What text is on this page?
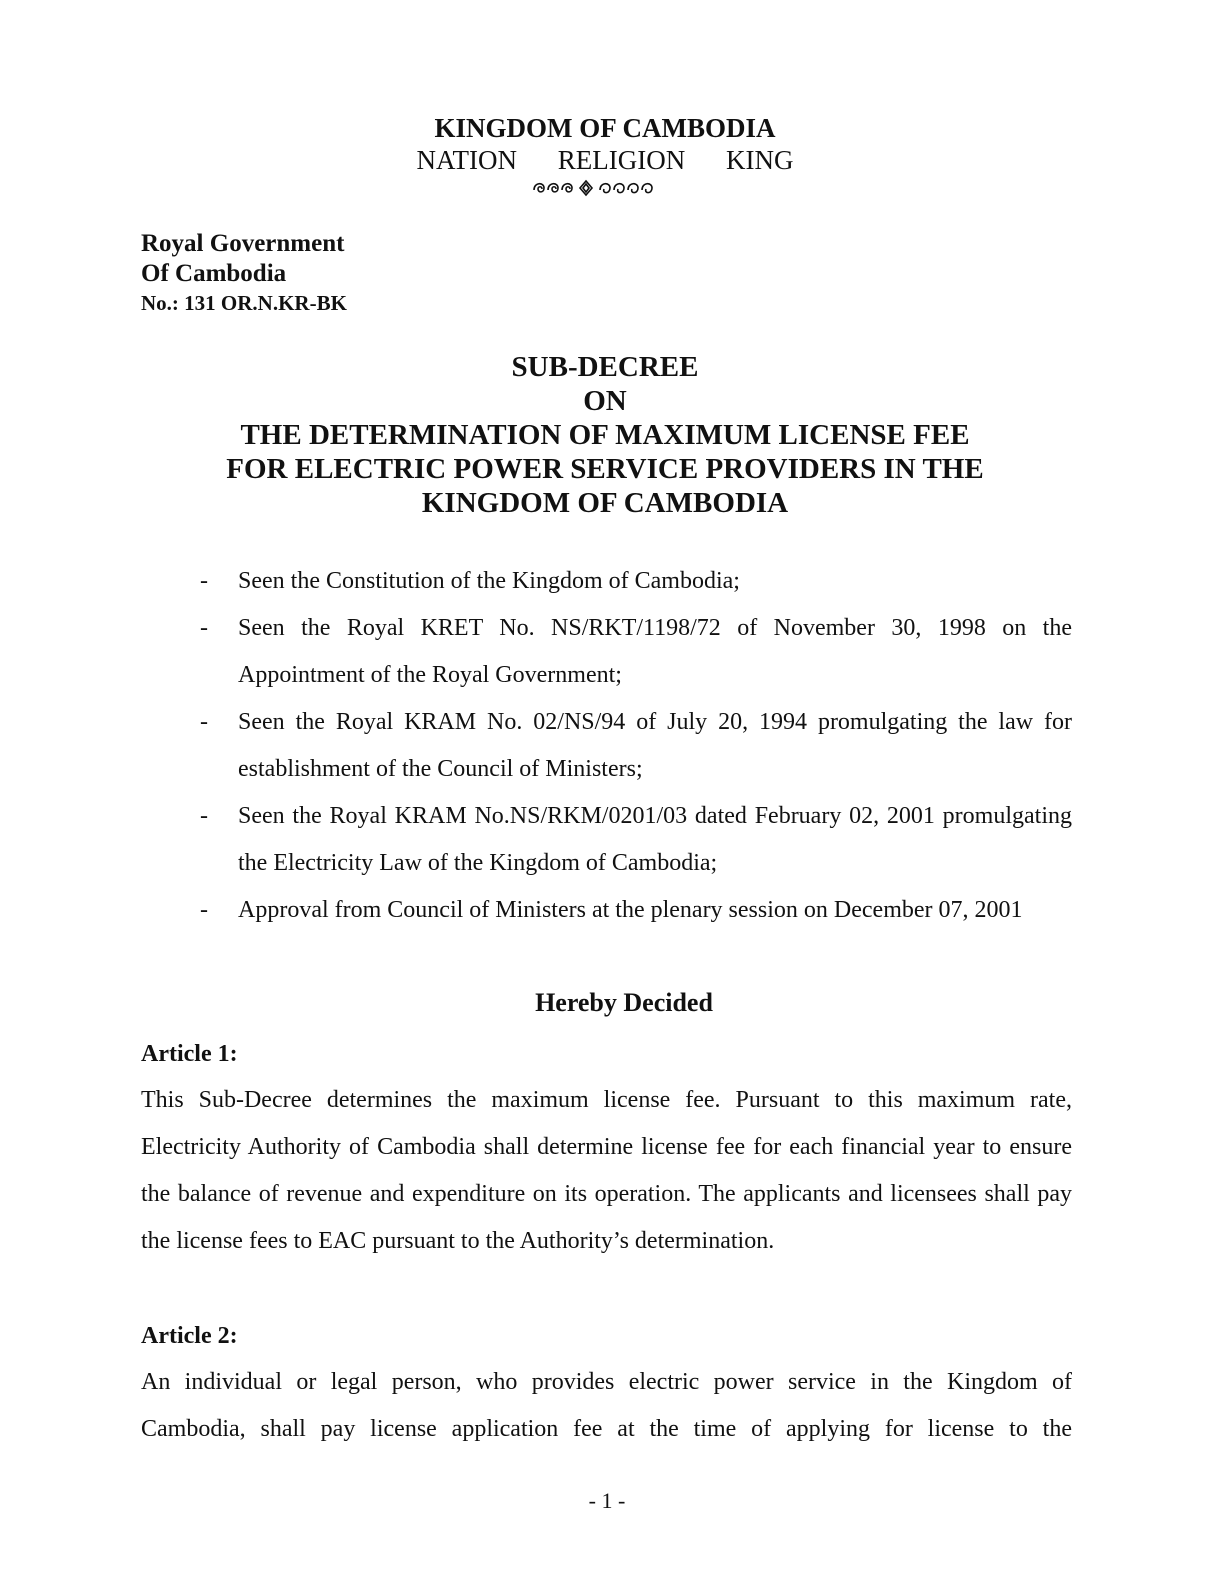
KINGDOM OF CAMBODIA
NATION RELIGION KING
Royal Government
Of Cambodia
No.: 131 OR.N.KR-BK
SUB-DECREE
ON
THE DETERMINATION OF MAXIMUM LICENSE FEE
FOR ELECTRIC POWER SERVICE PROVIDERS IN THE
KINGDOM OF CAMBODIA
- Seen the Constitution of the Kingdom of Cambodia;
- Seen the Royal KRET No. NS/RKT/1198/72 of November 30, 1998 on the Appointment of the Royal Government;
- Seen the Royal KRAM No. 02/NS/94 of July 20, 1994 promulgating the law for establishment of the Council of Ministers;
- Seen the Royal KRAM No.NS/RKM/0201/03 dated February 02, 2001 promulgating the Electricity Law of the Kingdom of Cambodia;
- Approval from Council of Ministers at the plenary session on December 07, 2001
Hereby Decided
Article 1:
This Sub-Decree determines the maximum license fee. Pursuant to this maximum rate, Electricity Authority of Cambodia shall determine license fee for each financial year to ensure the balance of revenue and expenditure on its operation. The applicants and licensees shall pay the license fees to EAC pursuant to the Authority’s determination.
Article 2:
An individual or legal person, who provides electric power service in the Kingdom of Cambodia, shall pay license application fee at the time of applying for license to the
- 1 -
